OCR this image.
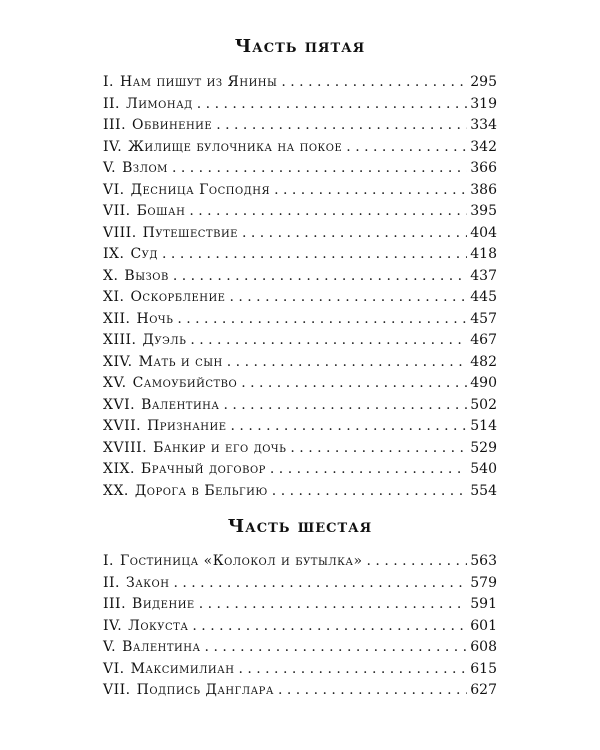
Часть пятая
I. Нам пишут из Янины . . .	295
II. Лимонад . . .	319
III. Обвинение . . .	334
IV. Жилище булочника на покое . . .	342
V. Взлом . . .	366
VI. Десница Господня . . .	386
VII. Бошан . . .	395
VIII. Путешествие . . .	404
IX. Суд . . .	418
X. Вызов . . .	437
XI. Оскорбление . . .	445
XII. Ночь . . .	457
XIII. Дуэль . . .	467
XIV. Мать и сын . . .	482
XV. Самоубийство . . .	490
XVI. Валентина . . .	502
XVII. Признание . . .	514
XVIII. Банкир и его дочь . . .	529
XIX. Брачный договор . . .	540
XX. Дорога в Бельгию . . .	554
Часть шестая
I. Гостиница «Колокол и бутылка» . . .	563
II. Закон . . .	579
III. Видение . . .	591
IV. Локуста . . .	601
V. Валентина . . .	608
VI. Максимилиан . . .	615
VII. Подпись Данглара . . .	627
